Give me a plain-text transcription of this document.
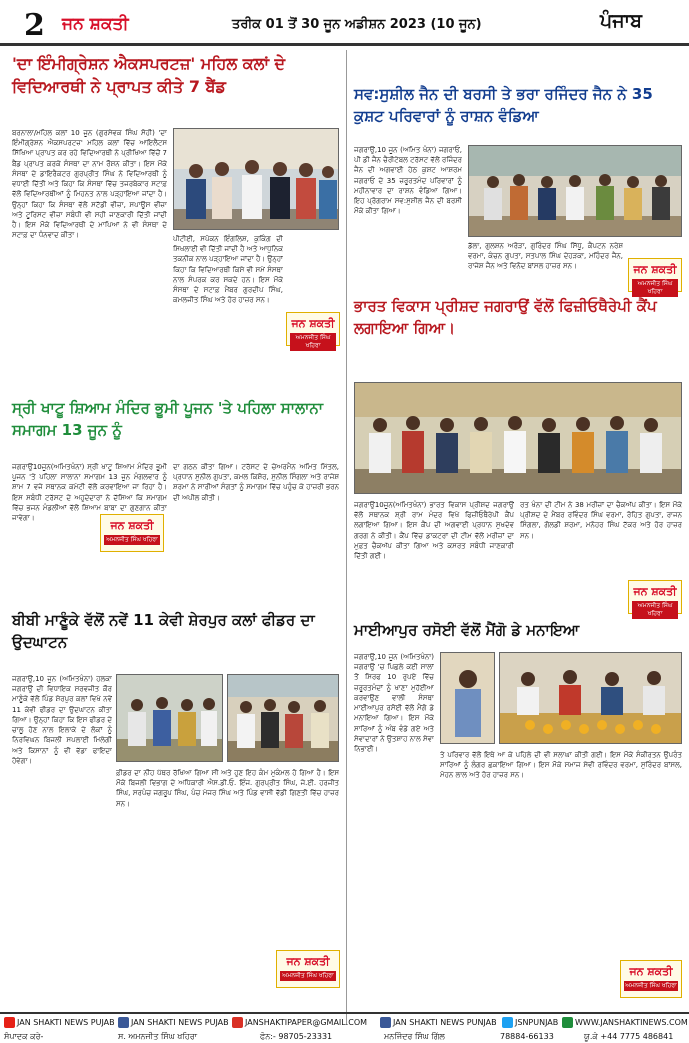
2 ਜਨ ਸ਼ਕਤੀ	ਤਰੀਕ 01 ਤੋਂ 30 ਜੂਨ ਅਡੀਸ਼ਨ 2023 (10 ਜੂਨ)	ਪੰਜਾਬ
'ਦਾ ਇੰਮੀਗ੍ਰੇਸ਼ਨ ਐਕਸਪਰਟਜ਼' ਮਹਿਲ ਕਲਾਂ ਦੇ ਵਿਦਿਆਰਥੀ ਨੇ ਪ੍ਰਾਪਤ ਕੀਤੇ 7 ਬੈਂਡ
ਬਰਨਾਲਾ/ਮਹਿਲ ਕਲਾਂ 10 ਜੂਨ (ਗੁਰਸੇਵਕ ਸਿੰਘ ਸੋਹੀ) 'ਦਾ ਇੰਮੀਗ੍ਰੇਸ਼ਨ ਐਕਸਪਰਟਜ਼' ਮਹਿਲ ਕਲਾਂ ਵਿੱਚ ਆਇਲੈਟਸ ਸਿੱਖਿਆ ਪ੍ਰਾਪਤ ਕਰ ਰਹੇ ਵਿਦਿਆਰਥੀ ਨੇ ਪ੍ਰੀਖਿਆ ਵਿੱਚੋਂ 7 ਬੈਂਡ ਪ੍ਰਾਪਤ ਕਰਕੇ ਸੰਸਥਾ ਦਾ ਨਾਮ ਰੌਸ਼ਨ ਕੀਤਾ। ਇਸ ਮੌਕੇ ਸੰਸਥਾ ਦੇ ਡਾਇਰੈਕਟਰ ਗੁਰਪ੍ਰੀਤ ਸਿੰਘ ਨੇ ਵਿਦਿਆਰਥੀ ਨੂੰ ਵਧਾਈ ਦਿੱਤੀ ਅਤੇ ਕਿਹਾ ਕਿ ਸੰਸਥਾ ਵਿੱਚ ਤਜਰਬੇਕਾਰ ਸਟਾਫ਼ ਵੱਲੋਂ ਵਿਦਿਆਰਥੀਆਂ ਨੂੰ ਮਿਹਨਤ ਨਾਲ ਪੜ੍ਹਾਇਆ ਜਾਂਦਾ ਹੈ। ਉਨ੍ਹਾਂ ਕਿਹਾ ਕਿ ਸੰਸਥਾ ਵੱਲੋਂ ਸਟੱਡੀ ਵੀਜ਼ਾ, ਸਪਾਊਸ ਵੀਜ਼ਾ ਅਤੇ ਟੂਰਿਸਟ ਵੀਜ਼ਾ ਸਬੰਧੀ ਵੀ ਸਹੀ ਜਾਣਕਾਰੀ ਦਿੱਤੀ ਜਾਂਦੀ ਹੈ। ਇਸ ਮੌਕੇ ਵਿਦਿਆਰਥੀ ਦੇ ਮਾਪਿਆਂ ਨੇ ਵੀ ਸੰਸਥਾ ਦੇ ਸਟਾਫ਼ ਦਾ ਧੰਨਵਾਦ ਕੀਤਾ।	ਪੀਟੀਈ, ਸਪੋਕਨ ਇੰਗਲਿਸ਼, ਕੁਕਿੰਗ ਦੀ ਸਿਖਲਾਈ ਵੀ ਦਿੱਤੀ ਜਾਂਦੀ ਹੈ ਅਤੇ ਆਧੁਨਿਕ ਤਕਨੀਕ ਨਾਲ ਪੜ੍ਹਾਇਆ ਜਾਂਦਾ ਹੈ। ਉਨ੍ਹਾਂ ਕਿਹਾ ਕਿ ਵਿਦਿਆਰਥੀ ਕਿਸੇ ਵੀ ਸਮੇਂ ਸੰਸਥਾ ਨਾਲ ਸੰਪਰਕ ਕਰ ਸਕਦੇ ਹਨ। ਇਸ ਮੌਕੇ ਸੰਸਥਾ ਦੇ ਸਟਾਫ਼ ਮੈਂਬਰ ਗੁਰਦੀਪ ਸਿੰਘ, ਕਮਲਜੀਤ ਸਿੰਘ ਅਤੇ ਹੋਰ ਹਾਜ਼ਰ ਸਨ।
ਜਨ ਸ਼ਕਤੀ
ਅਮਨਜੀਤ ਸਿੰਘ ਖਹਿਰਾ
ਸਵ:ਸੁਸ਼ੀਲ ਜੈਨ ਦੀ ਬਰਸੀ ਤੇ ਭਰਾ ਰਜਿੰਦਰ ਜੈਨ ਨੇ 35 ਕੁਸ਼ਟ ਪਰਿਵਾਰਾਂ ਨੂੰ ਰਾਸ਼ਨ ਵੰਡਿਆ
ਜਗਰਾਉਂ,10 ਜੂਨ (ਅਮਿਤ ਖੰਨਾ) ਜਗਰਾਓਂ, ਪੀ ਡੀ ਜੈਨ ਚੈਰੀਟੇਬਲ ਟਰੱਸਟ ਵੱਲੋਂ ਰਜਿੰਦਰ ਜੈਨ ਦੀ ਅਗਵਾਈ ਹੇਠ ਕੁਸ਼ਟ ਆਸ਼ਰਮ ਜਗਰਾਓਂ ਦੇ 35 ਜ਼ਰੂਰਤਮੰਦ ਪਰਿਵਾਰਾਂ ਨੂੰ ਮਹੀਨਾਵਾਰ ਦਾ ਰਾਸ਼ਨ ਵੰਡਿਆ ਗਿਆ। ਇਹ ਪ੍ਰੋਗਰਾਮ ਸਵ:ਸੁਸ਼ੀਲ ਜੈਨ ਦੀ ਬਰਸੀ ਮੌਕੇ ਕੀਤਾ ਗਿਆ।
ਡੱਲਾ, ਗੁਲਸ਼ਨ ਅਰੋੜਾ, ਗੁਰਿੰਦਰ ਸਿੰਘ ਸਿੱਧੂ, ਕੈਪਟਨ ਨਰੇਸ਼ ਵਰਮਾ, ਕੰਚਨ ਗੁਪਤਾ, ਸਤਪਾਲ ਸਿੰਘ ਦੇਹੜਕਾ, ਮਹਿੰਦਰ ਜੈਨ, ਰਾਜੇਸ਼ ਜੈਨ ਅਤੇ ਵਿਨੋਦ ਬਾਂਸਲ ਹਾਜ਼ਰ ਸਨ।	ਜਨ ਸ਼ਕਤੀ
ਅਮਨਜੀਤ ਸਿੰਘ ਖਹਿਰਾ
ਭਾਰਤ ਵਿਕਾਸ ਪ੍ਰੀਸ਼ਦ ਜਗਰਾਉਂ ਵੱਲੋਂ ਫਿਜ਼ੀਓਥੈਰੇਪੀ ਕੈਂਪ ਲਗਾਇਆ ਗਿਆ।
ਜਗਰਾਉਂ10ਜੂਨ(ਅਮਿਤਖੰਨਾ) ਭਾਰਤ ਵਿਕਾਸ ਪ੍ਰੀਸ਼ਦ ਜਗਰਾਉਂ ਵੱਲੋਂ ਸਥਾਨਕ ਸ਼੍ਰੀ ਰਾਮ ਮੰਦਰ ਵਿਖੇ ਫਿਜ਼ੀਓਥੈਰੇਪੀ ਕੈਂਪ ਲਗਾਇਆ ਗਿਆ। ਇਸ ਕੈਂਪ ਦੀ ਅਗਵਾਈ ਪ੍ਰਧਾਨ ਸੁਖਦੇਵ ਗਰਗ ਨੇ ਕੀਤੀ। ਕੈਂਪ ਵਿੱਚ ਡਾਕਟਰਾਂ ਦੀ ਟੀਮ ਵੱਲੋਂ ਮਰੀਜ਼ਾਂ ਦਾ ਮੁਫ਼ਤ ਚੈਕਅੱਪ ਕੀਤਾ ਗਿਆ ਅਤੇ ਕਸਰਤ ਸਬੰਧੀ ਜਾਣਕਾਰੀ ਦਿੱਤੀ ਗਈ।
ਰਤ ਖੰਨਾ ਦੀ ਟੀਮ ਨੇ 38 ਮਰੀਜ਼ਾਂ ਦਾ ਚੈਕਅੱਪ ਕੀਤਾ। ਇਸ ਮੌਕੇ ਪ੍ਰੀਸ਼ਦ ਦੇ ਮੈਂਬਰ ਰਵਿੰਦਰ ਸਿੰਘ ਵਰਮਾ, ਰੋਹਿਤ ਗੁਪਤਾ, ਰਾਜਨ ਸਿੰਗਲਾ, ਗੋਲਡੀ ਸ਼ਰਮਾ, ਮਨੋਹਰ ਸਿੰਘ ਟੱਕਰ ਅਤੇ ਹੋਰ ਹਾਜ਼ਰ ਸਨ।
ਜਨ ਸ਼ਕਤੀ
ਅਮਨਜੀਤ ਸਿੰਘ ਖਹਿਰਾ
ਸ੍ਰੀ ਖਾਟੂ ਸ਼ਿਆਮ ਮੰਦਿਰ ਭੂਮੀ ਪੂਜਨ 'ਤੇ ਪਹਿਲਾ ਸਾਲਾਨਾ ਸਮਾਗਮ 13 ਜੂਨ ਨੂੰ
ਜਗਰਾਉਂ10ਜੂਨ(ਅਮਿਤਖੰਨਾ) ਸ੍ਰੀ ਖਾਟੂ ਸ਼ਿਆਮ ਮੰਦਿਰ ਭੂਮੀ ਪੂਜਨ 'ਤੇ ਪਹਿਲਾ ਸਾਲਾਨਾ ਸਮਾਗਮ 13 ਜੂਨ ਮੰਗਲਵਾਰ ਨੂੰ ਸ਼ਾਮ 7 ਵਜੇ ਸਥਾਨਕ ਕਮੇਟੀ ਵੱਲੋਂ ਕਰਵਾਇਆ ਜਾ ਰਿਹਾ ਹੈ। ਇਸ ਸਬੰਧੀ ਟਰੱਸਟ ਦੇ ਅਹੁਦੇਦਾਰਾਂ ਨੇ ਦੱਸਿਆ ਕਿ ਸਮਾਗਮ ਵਿੱਚ ਭਜਨ ਮੰਡਲੀਆਂ ਵੱਲੋਂ ਸ਼ਿਆਮ ਬਾਬਾ ਦਾ ਗੁਣਗਾਨ ਕੀਤਾ ਜਾਵੇਗਾ।
ਜਨ ਸ਼ਕਤੀ
ਅਮਨਜੀਤ ਸਿੰਘ ਖਹਿਰਾ
ਦਾ ਗਠਨ ਕੀਤਾ ਗਿਆ। ਟਰੱਸਟ ਦੇ ਚੇਅਰਮੈਨ ਅਮਿਤ ਮਿੱਤਲ, ਪ੍ਰਧਾਨ ਸੁਨੀਲ ਗੁਪਤਾ, ਕਮਲ ਕਿਸ਼ੋਰ, ਸੁਨੀਲ ਸਿੰਗਲਾ ਅਤੇ ਰਾਜੇਸ਼ ਸ਼ਰਮਾ ਨੇ ਸਾਰੀਆਂ ਸੰਗਤਾਂ ਨੂੰ ਸਮਾਗਮ ਵਿੱਚ ਪਹੁੰਚ ਕੇ ਹਾਜ਼ਰੀ ਭਰਨ ਦੀ ਅਪੀਲ ਕੀਤੀ।
ਬੀਬੀ ਮਾਣੂੰਕੇ ਵੱਲੋਂ ਨਵੇਂ 11 ਕੇਵੀ ਸ਼ੇਰਪੁਰ ਕਲਾਂ ਫੀਡਰ ਦਾ ਉਦਘਾਟਨ
ਜਗਰਾਉਂ,10 ਜੂਨ (ਅਮਿਤਖੰਨਾ) ਹਲਕਾ ਜਗਰਾਉਂ ਦੀ ਵਿਧਾਇਕ ਸਰਵਜੀਤ ਕੌਰ ਮਾਣੂੰਕੇ ਵੱਲੋਂ ਪਿੰਡ ਸ਼ੇਰਪੁਰ ਕਲਾਂ ਵਿਖੇ ਨਵੇਂ 11 ਕੇਵੀ ਫੀਡਰ ਦਾ ਉਦਘਾਟਨ ਕੀਤਾ ਗਿਆ। ਉਨ੍ਹਾਂ ਕਿਹਾ ਕਿ ਇਸ ਫੀਡਰ ਦੇ ਚਾਲੂ ਹੋਣ ਨਾਲ ਇਲਾਕੇ ਦੇ ਲੋਕਾਂ ਨੂੰ ਨਿਰਵਿਘਨ ਬਿਜਲੀ ਸਪਲਾਈ ਮਿਲੇਗੀ ਅਤੇ ਕਿਸਾਨਾਂ ਨੂੰ ਵੀ ਵੱਡਾ ਫਾਇਦਾ ਹੋਵੇਗਾ।
ਫ਼ੀਡਰ ਦਾ ਨੀਂਹ ਪੱਥਰ ਰੱਖਿਆ ਗਿਆ ਸੀ ਅਤੇ ਹੁਣ ਇਹ ਕੰਮ ਮੁਕੰਮਲ ਹੋ ਗਿਆ ਹੈ। ਇਸ ਮੌਕੇ ਬਿਜਲੀ ਵਿਭਾਗ ਦੇ ਅਧਿਕਾਰੀ ਐਸ.ਡੀ.ਓ. ਇੰਜ. ਗੁਰਪ੍ਰੀਤ ਸਿੰਘ, ਜੇ.ਈ. ਹਰਜੀਤ ਸਿੰਘ, ਸਰਪੰਚ ਜਗਰੂਪ ਸਿੰਘ, ਪੰਚ ਮੇਜਰ ਸਿੰਘ ਅਤੇ ਪਿੰਡ ਵਾਸੀ ਵੱਡੀ ਗਿਣਤੀ ਵਿੱਚ ਹਾਜ਼ਰ ਸਨ।
ਜਨ ਸ਼ਕਤੀ
ਅਮਨਜੀਤ ਸਿੰਘ ਖਹਿਰਾ
ਮਾਈਆਪੁਰ ਰਸੋਈ ਵੱਲੋਂ ਮੈਂਗੋ ਡੇ ਮਨਾਇਆ
ਜਗਰਾਉਂ,10 ਜੂਨ (ਅਮਿਤਖੰਨਾ) ਜਗਰਾਉਂ 'ਚ ਪਿਛਲੇ ਕਈ ਸਾਲਾਂ ਤੋਂ ਸਿਰਫ 10 ਰੁਪਏ ਵਿੱਚ ਜ਼ਰੂਰਤਮੰਦਾਂ ਨੂੰ ਖਾਣਾ ਮੁਹੱਈਆ ਕਰਵਾਉਣ ਵਾਲੀ ਸੰਸਥਾ ਮਾਈਆਪੁਰ ਰਸੋਈ ਵੱਲੋਂ ਮੈਂਗੋ ਡੇ ਮਨਾਇਆ ਗਿਆ। ਇਸ ਮੌਕੇ ਸਾਰਿਆਂ ਨੂੰ ਅੰਬ ਵੰਡੇ ਗਏ ਅਤੇ ਸੇਵਾਦਾਰਾਂ ਨੇ ਉਤਸ਼ਾਹ ਨਾਲ ਸੇਵਾ ਨਿਭਾਈ।
ਤੇ ਪਰਿਵਾਰ ਵੱਲੋਂ ਇਥੇ ਆ ਕੇ ਪਹਿਲੇ ਦੀ ਵੀ ਸਲਾਘਾ ਕੀਤੀ ਗਈ। ਇਸ ਮੌਕੇ ਸੰਕੀਰਤਨ ਉਪਰੰਤ ਸਾਰਿਆਂ ਨੂੰ ਲੰਗਰ ਛਕਾਇਆ ਗਿਆ। ਇਸ ਮੌਕੇ ਸਮਾਜ ਸੇਵੀ ਰਵਿੰਦਰ ਵਰਮਾ, ਸੁਰਿੰਦਰ ਬਾਂਸਲ, ਮੋਹਨ ਲਾਲ ਅਤੇ ਹੋਰ ਹਾਜ਼ਰ ਸਨ।
ਜਨ ਸ਼ਕਤੀ
ਅਮਨਜੀਤ ਸਿੰਘ ਖਹਿਰਾ
JAN SHAKTI NEWS PUJAB	JAN SHAKTI NEWS PUJAB	JANSHAKTIPAPER@GMAIL.COM	JAN SHAKTI NEWS PUNJAB	JSNPUNJAB	WWW.JANSHAKTINEWS.COM
ਸੰਪਾਦਕ ਕਰੇ-	ਸ. ਅਮਨਜੀਤ ਸਿੰਘ ਖਹਿਰਾ	ਫੋਨ:- 98705-23331	ਮਨਜਿੰਦਰ ਸਿੰਘ ਗਿੱਲ	78884-66133	ਯੂ.ਕੇ +44 7775 486841
